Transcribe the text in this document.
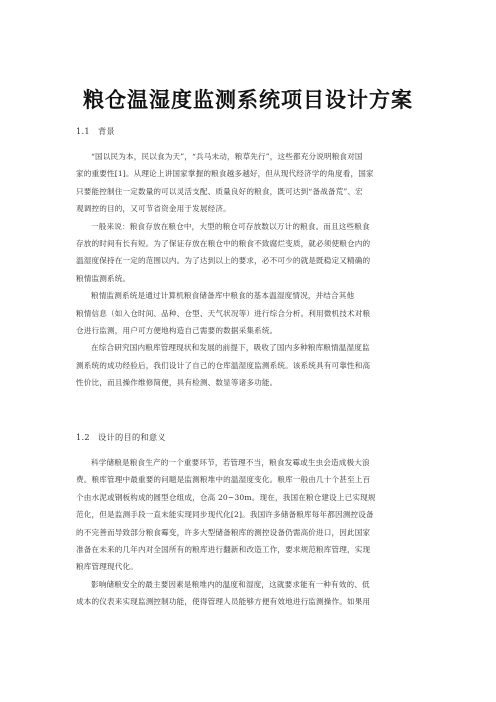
粮仓温湿度监测系统项目设计方案
1.1 背景

“国以民为本，民以食为天”，“兵马未动，粮草先行”，这些都充分说明粮食对国
家的重要性[1]。从理论上讲国家掌握的粮食越多越好，但从现代经济学的角度看，国家
只要能控制住一定数量的可以灵活支配、质量良好的粮食，既可达到“备战备荒”、宏
观调控的目的，又可节省资金用于发展经济。

一般来说：粮食存放在粮仓中，大型的粮仓可存放数以万计的粮食。而且这些粮食
存放的时间有长有短。为了保证存放在粮仓中的粮食不致腐烂变质，就必须使粮仓内的
温湿度保持在一定的范围以内。为了达到以上的要求，必不可少的就是既稳定又精确的
粮情监测系统。

粮情监测系统是通过计算机粮食储备库中粮食的基本温湿度情况，并结合其他
粮情信息（如入仓时间、品种、仓型、天气状况等）进行综合分析。利用微机技术对粮
仓进行监测，用户可方便地构造自己需要的数据采集系统。

在综合研究国内粮库管理现状和发展的前提下，吸收了国内多种粮库粮情温湿度监
测系统的成功经验后，我们设计了自己的仓库温湿度监测系统。该系统具有可靠性和高
性价比，而且操作维修简便，具有检测、数显等诸多功能。

1.2 设计的目的和意义

科学储粮是粮食生产的一个重要环节，若管理不当，粮食发霉或生虫会造成极大浪
费。粮库管理中最重要的问题是监测粮堆中的温湿度变化。粮库一般由几十个甚至上百
个由水泥或钢板构成的圆型仓组成，仓高 20~30m。现在，我国在粮仓建设上已实现规
范化，但是监测手段一直未能实现同步现代化[2]。我国许多储备粮库每年都因测控设备
的不完善而导致部分粮食霉变，许多大型储备粮库的测控设备仍需高价进口，因此国家
准备在未来的几年内对全国所有的粮库进行翻新和改造工作，要求规范粮库管理，实现
粮库管理现代化。

影响储粮安全的最主要因素是粮堆内的温度和湿度，这就要求能有一种有效的、低
成本的仪表来实现监测控制功能，使得管理人员能够方便有效地进行监测操作。如果用
